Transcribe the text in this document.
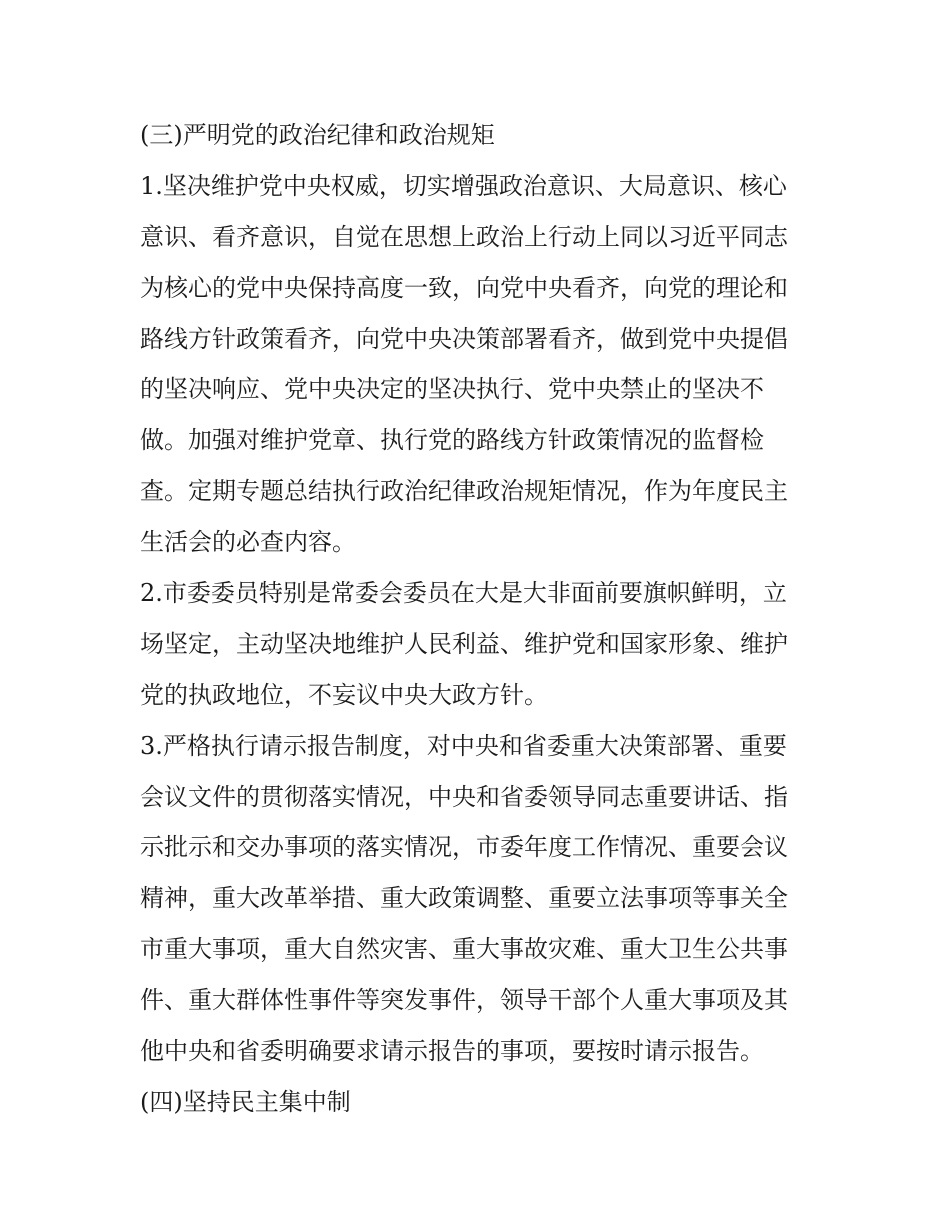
(三)严明党的政治纪律和政治规矩
1.坚决维护党中央权威，切实增强政治意识、大局意识、核心
意识、看齐意识，自觉在思想上政治上行动上同以习近平同志
为核心的党中央保持高度一致，向党中央看齐，向党的理论和
路线方针政策看齐，向党中央决策部署看齐，做到党中央提倡
的坚决响应、党中央决定的坚决执行、党中央禁止的坚决不
做。加强对维护党章、执行党的路线方针政策情况的监督检
查。定期专题总结执行政治纪律政治规矩情况，作为年度民主
生活会的必查内容。
2.市委委员特别是常委会委员在大是大非面前要旗帜鲜明，立
场坚定，主动坚决地维护人民利益、维护党和国家形象、维护
党的执政地位，不妄议中央大政方针。
3.严格执行请示报告制度，对中央和省委重大决策部署、重要
会议文件的贯彻落实情况，中央和省委领导同志重要讲话、指
示批示和交办事项的落实情况，市委年度工作情况、重要会议
精神，重大改革举措、重大政策调整、重要立法事项等事关全
市重大事项，重大自然灾害、重大事故灾难、重大卫生公共事
件、重大群体性事件等突发事件，领导干部个人重大事项及其
他中央和省委明确要求请示报告的事项，要按时请示报告。
(四)坚持民主集中制
